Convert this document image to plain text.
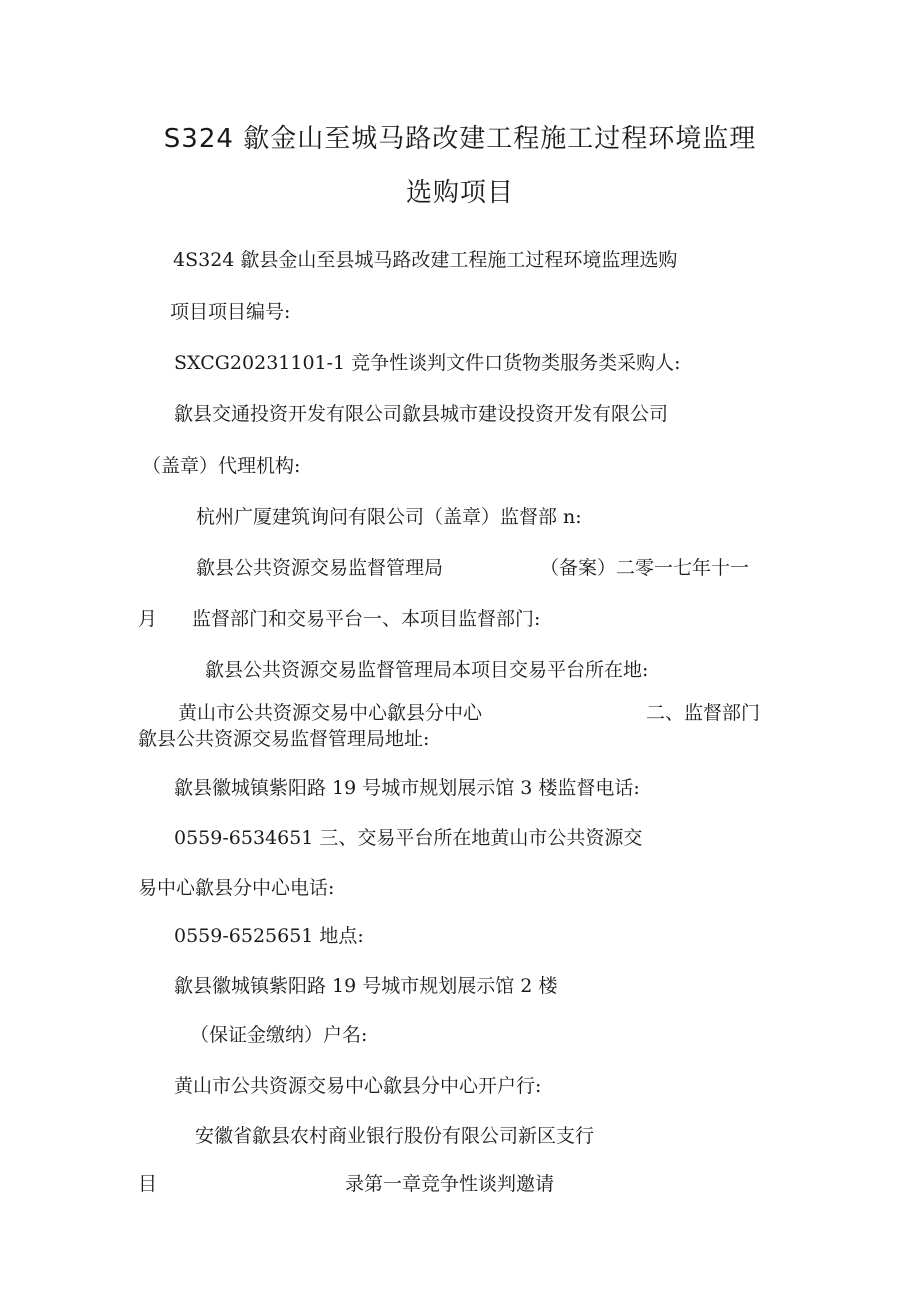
S324 歙金山至城马路改建工程施工过程环境监理
选购项目
4S324 歙县金山至县城马路改建工程施工过程环境监理选购
项目项目编号:
SXCG20231101-1 竞争性谈判文件口货物类服务类采购人:
歙县交通投资开发有限公司歙县城市建设投资开发有限公司
（盖章）代理机构:
杭州广厦建筑询问有限公司（盖章）监督部 n:
歙县公共资源交易监督管理局	（备案）二零一七年十一
月 监督部门和交易平台一、本项目监督部门:
歙县公共资源交易监督管理局本项目交易平台所在地:
黄山市公共资源交易中心歙县分中心	二、监督部门
歙县公共资源交易监督管理局地址:
歙县徽城镇紫阳路 19 号城市规划展示馆 3 楼监督电话:
0559-6534651 三、交易平台所在地黄山市公共资源交
易中心歙县分中心电话:
0559-6525651 地点:
歙县徽城镇紫阳路 19 号城市规划展示馆 2 楼
（保证金缴纳）户名:
黄山市公共资源交易中心歙县分中心开户行:
安徽省歙县农村商业银行股份有限公司新区支行
目	录第一章竞争性谈判邀请
